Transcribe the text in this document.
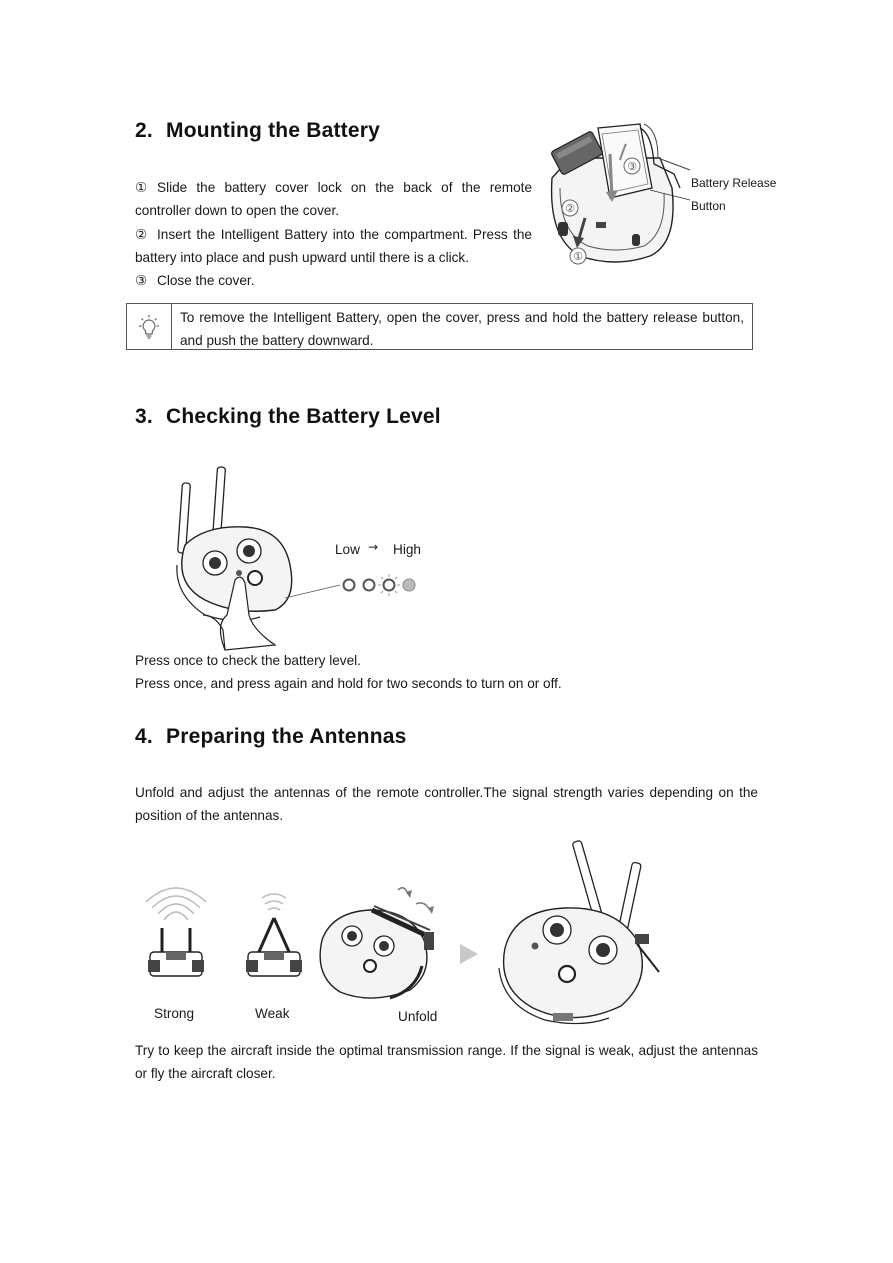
2. Mounting the Battery
① Slide the battery cover lock on the back of the remote controller down to open the cover.
② Insert the Intelligent Battery into the compartment. Press the battery into place and push upward until there is a click.
③ Close the cover.
①
②
③
Battery Release
Button
To remove the Intelligent Battery, open the cover, press and hold the battery release button, and push the battery downward.
3. Checking the Battery Level
Low → High
Press once to check the battery level.
Press once, and press again and hold for two seconds to turn on or off.
4. Preparing the Antennas
Unfold and adjust the antennas of the remote controller.The signal strength varies depending on the position of the antennas.
Strong	Weak	Unfold
Try to keep the aircraft inside the optimal transmission range. If the signal is weak, adjust the antennas or fly the aircraft closer.
